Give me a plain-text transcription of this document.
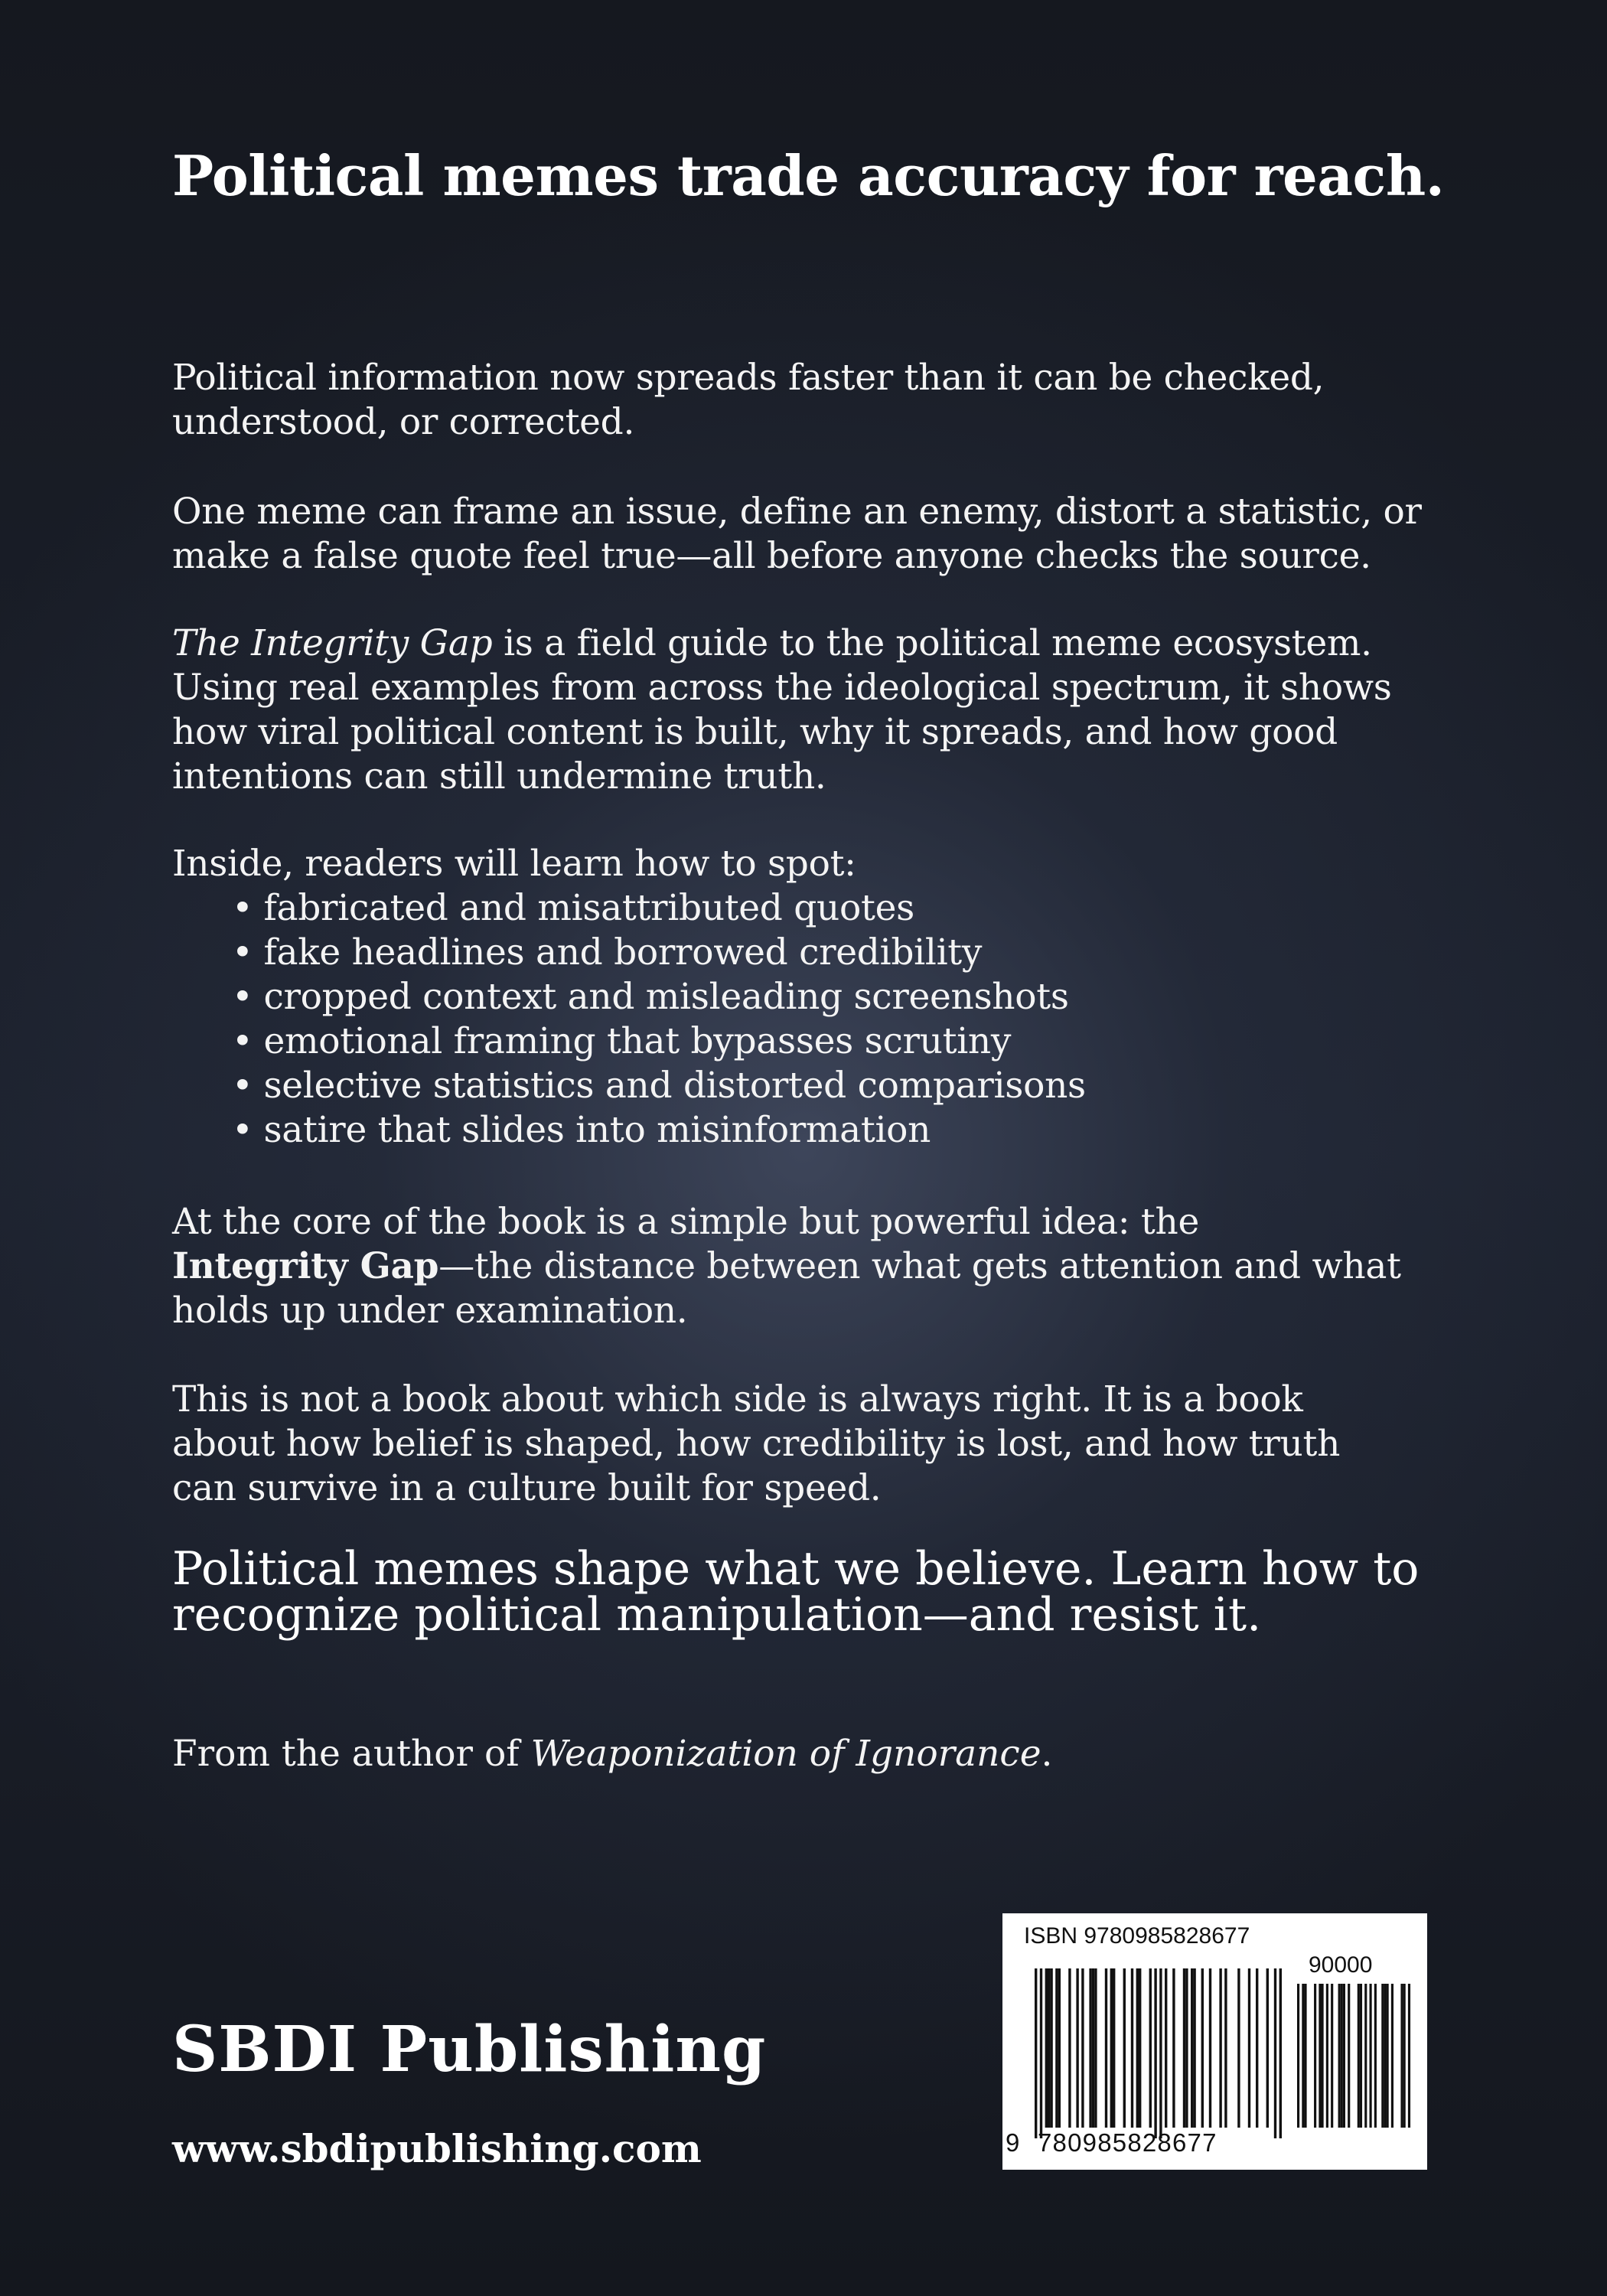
Political memes trade accuracy for reach.

Political information now spreads faster than it can be checked,
understood, or corrected.

One meme can frame an issue, define an enemy, distort a statistic, or
make a false quote feel true—all before anyone checks the source.

The Integrity Gap is a field guide to the political meme ecosystem.
Using real examples from across the ideological spectrum, it shows
how viral political content is built, why it spreads, and how good
intentions can still undermine truth.

Inside, readers will learn how to spot:
• fabricated and misattributed quotes
• fake headlines and borrowed credibility
• cropped context and misleading screenshots
• emotional framing that bypasses scrutiny
• selective statistics and distorted comparisons
• satire that slides into misinformation

At the core of the book is a simple but powerful idea: the
Integrity Gap—the distance between what gets attention and what
holds up under examination.

This is not a book about which side is always right. It is a book
about how belief is shaped, how credibility is lost, and how truth
can survive in a culture built for speed.

Political memes shape what we believe. Learn how to
recognize political manipulation—and resist it.

From the author of Weaponization of Ignorance.

SBDI Publishing
www.sbdipublishing.com
ISBN 9780985828677
90000
9 780985828677
